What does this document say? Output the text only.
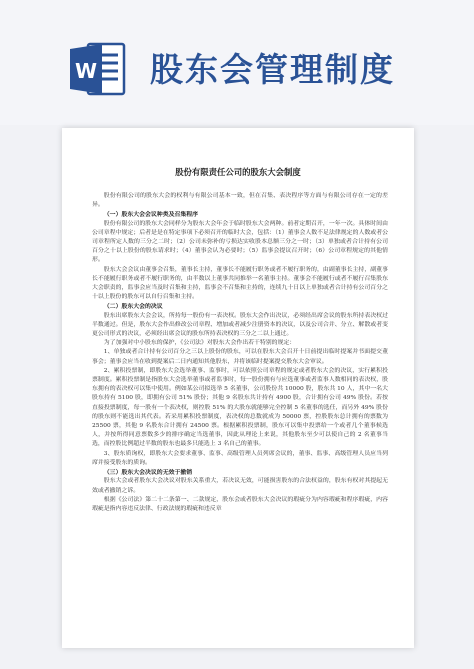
W 股东会管理制度
股份有限责任公司的股东大会制度

股份有限公司的股东大会的权利与有限公司基本一致，但在召集、表决程序等方面与有限公司存在一定的差异。

（一）股东大会会议种类及召集程序

股份有限公司的股东大会同样分为股东大会年会于临时股东大会两种。前者定期召开，一年一次。具体时间由公司章程中规定；后者是是在特定事项下必须召开的临时大会，包括：（1）董事会人数不足法律规定的人数或者公司章程所定人数的三分之二时；（2）公司未弥补的亏损达实收股本总额三分之一时；（3）单独或者合计持有公司百分之十以上股份的股东请求时；（4）董事会认为必要时；（5）监事会提议召开时；（6）公司章程规定的其他情形。

股东大会会议由董事会召集，董事长主持，董事长不能履行职务或者不履行职务的，由副董事长主持，副董事长不能履行职务或者不履行职务的，由半数以上董事共同推举一名董事主持。董事会不能履行或者不履行召集股东大会职责的，监事会应当及时召集和主持，监事会不召集和主持的，连续九十日以上单独或者合计持有公司百分之十以上股份的股东可以自行召集和主持。

（二）股东大会的决议

股东出席股东大会会议，所持每一股份有一表决权。股东大会作出决议，必须经出席会议的股东所持表决权过半数通过。但是，股东大会作出修改公司章程、增加或者减少注册资本的决议，以及公司合并、分立、解散或者变更公司形式的决议，必须经出席会议的股东所持表决权的三分之二以上通过。

为了加强对中小股东的保护，《公司法》对股东大会作出若干特别的规定：

1、单独或者合计持有公司百分之三以上股份的股东，可以在股东大会召开十日前提出临时提案并书面提交董事会；董事会应当在收到提案后二日内通知其他股东，并将该临时提案提交股东大会审议。

2、累积投票制，即股东大会选举董事、监事时，可以依照公司章程的规定或者股东大会的决议，实行累积投票制度。累积投票制是指股东大会选举董事或者监事时，每一股份拥有与应选董事或者监事人数相同的表决权，股东拥有的表决权可以集中使用。例如某公司拟选举 5 名董事，公司股份共 10000 股，股东共 10 人，其中一名大股东持有 5100 股，即拥有公司 51% 股份；其他 9 名股东共计持有 4900 股，合计拥有公司 49% 股份。若按直接投票制度，每一股有一个表决权，则控股 51% 的大股东就能够完全控制 5 名董事的选任，而另外 49% 股份的股东则不能选出其代表。若采用累积投票制度，表决权的总数就成为 50000 票，控股股东总计拥有的票数为 25500 票，其他 9 名股东合计拥有 24500 票。根据累积投票制，股东可以集中投票给一个或者几个董事候选人，并按所得同意票数多少的排序确定当选董事，因此从理论上来说，其他股东至少可以使自己的 2 名董事当选，而控股比例超过半数的股东也最多只能选上 3 名自己的董事。

3、股东质询权，即股东大会要求董事、监事、高级管理人员列席会议的，董事、监事、高级管理人员应当列席并接受股东的质询。

（三）股东大会决议的无效于撤销

股东大会或者股东大会决议对股东关系重大，若决议无效，可能损害股东的合法权益的，股东有权对其提起无效或者撤销之诉。

根据《公司法》第二十二条第一、二款规定，股东会或者股东大会决议的瑕疵分为内容瑕疵和程序瑕疵，内容瑕疵是指内容违反法律、行政法规的瑕疵和违反章
